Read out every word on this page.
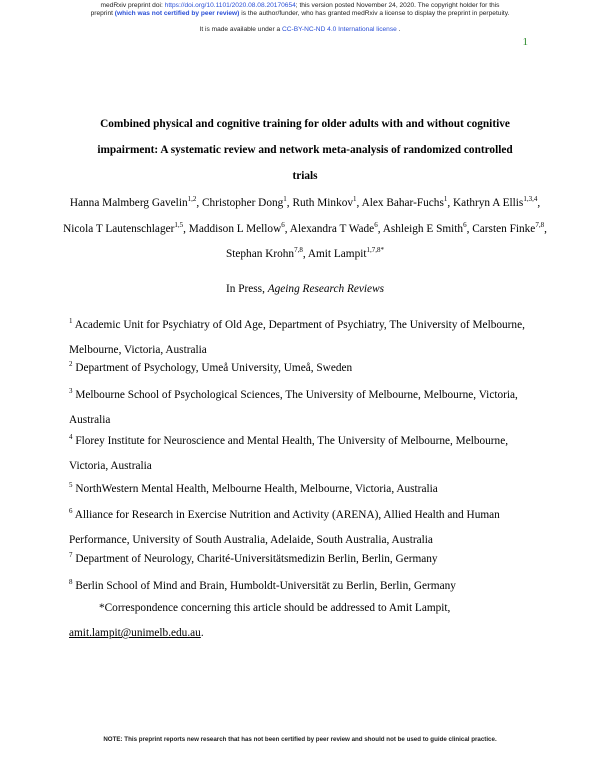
medRxiv preprint doi: https://doi.org/10.1101/2020.08.08.20170654; this version posted November 24, 2020. The copyright holder for this
preprint (which was not certified by peer review) is the author/funder, who has granted medRxiv a license to display the preprint in perpetuity.
It is made available under a CC-BY-NC-ND 4.0 International license .
1
Combined physical and cognitive training for older adults with and without cognitive
impairment: A systematic review and network meta-analysis of randomized controlled
trials
Hanna Malmberg Gavelin$^{1,2}$, Christopher Dong$^1$, Ruth Minkov$^1$, Alex Bahar-Fuchs$^1$, Kathryn A Ellis$^{1,3,4}$, Nicola T Lautenschlager$^{1,5}$, Maddison L Mellow$^6$, Alexandra T Wade$^6$, Ashleigh E Smith$^6$, Carsten Finke$^{7,8}$, Stephan Krohn$^{7,8}$, Amit Lampit$^{1,7,8*}$
In Press, Ageing Research Reviews
$^1$ Academic Unit for Psychiatry of Old Age, Department of Psychiatry, The University of Melbourne, Melbourne, Victoria, Australia
$^2$ Department of Psychology, Umeå University, Umeå, Sweden
$^3$ Melbourne School of Psychological Sciences, The University of Melbourne, Melbourne, Victoria, Australia
$^4$ Florey Institute for Neuroscience and Mental Health, The University of Melbourne, Melbourne, Victoria, Australia
$^5$ NorthWestern Mental Health, Melbourne Health, Melbourne, Victoria, Australia
$^6$ Alliance for Research in Exercise Nutrition and Activity (ARENA), Allied Health and Human Performance, University of South Australia, Adelaide, South Australia, Australia
$^7$ Department of Neurology, Charité-Universitätsmedizin Berlin, Berlin, Germany
$^8$ Berlin School of Mind and Brain, Humboldt-Universität zu Berlin, Berlin, Germany
*Correspondence concerning this article should be addressed to Amit Lampit,
amit.lampit@unimelb.edu.au.
NOTE: This preprint reports new research that has not been certified by peer review and should not be used to guide clinical practice.
